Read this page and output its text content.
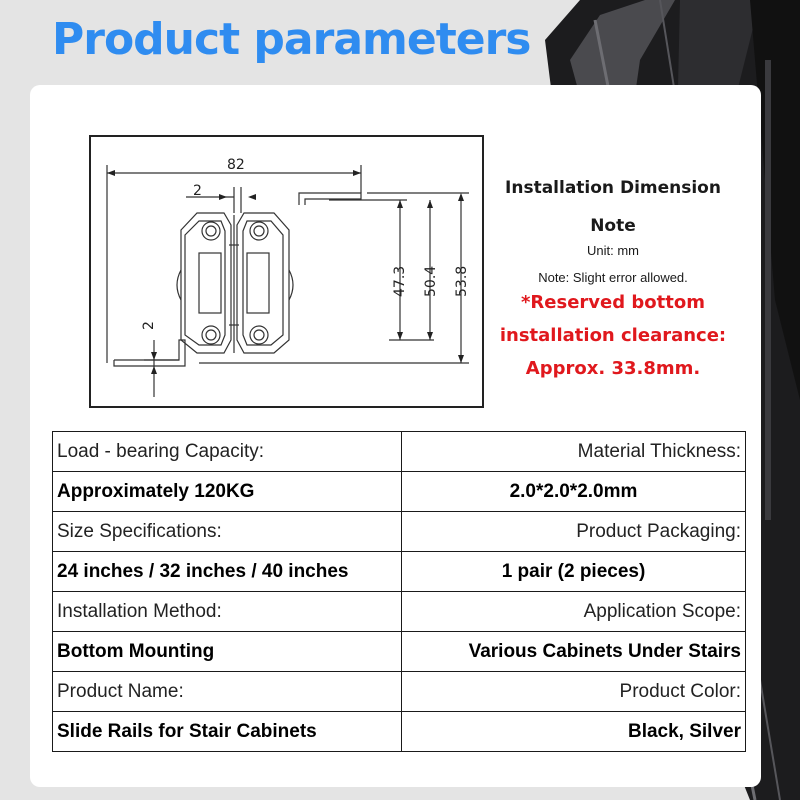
Product parameters
82
2
2
47.3 50.4 53.8
Installation Dimension
Note
Unit: mm
Note: Slight error allowed.
*Reserved bottom
installation clearance:
Approx. 33.8mm.
Load - bearing Capacity:	Material Thickness:
Approximately 120KG	2.0*2.0*2.0mm
Size Specifications:	Product Packaging:
24 inches / 32 inches / 40 inches	1 pair (2 pieces)
Installation Method:	Application Scope:
Bottom Mounting	Various Cabinets Under Stairs
Product Name:	Product Color:
Slide Rails for Stair Cabinets	Black, Silver
